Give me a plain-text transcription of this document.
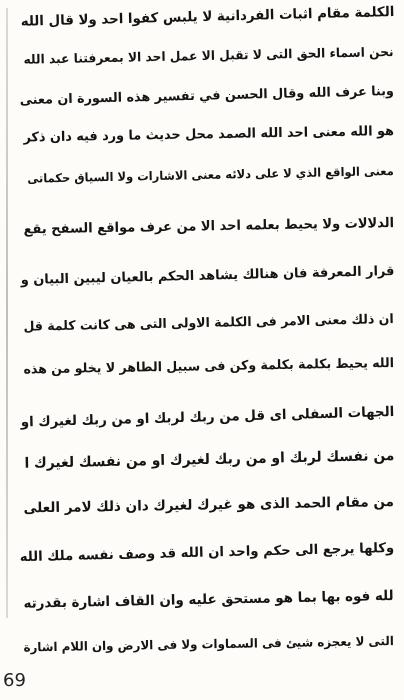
الكلمة مقام اثبات الفردانية لا يلبس كفوا احد ولا قال الله
نحن اسماء الحق التى لا تقبل الا عمل احد الا بمعرفتنا عبد الله
وبنا عرف الله وقال الحسن في تفسير هذه السورة ان معنى
هو الله معنى احد الله الصمد محل حديث ما ورد فيه دان ذكر
معنى الواقع الذي لا على دلائه معنى الاشارات ولا السياق حكماتى
الدلالات ولا يحيط بعلمه احد الا من عرف مواقع السفح يقع
قرار المعرفة فان هنالك يشاهد الحكم بالعيان ليبين البيان و
ان ذلك معنى الامر فى الكلمة الاولى التى هى كانت كلمة قل
الله يحيط بكلمة بكلمة وكن فى سبيل الطاهر لا يخلو من هذه
الجهات السفلى اى قل من ربك لربك او من ربك لغيرك او
من نفسك لربك او من ربك لغيرك او من نفسك لغيرك ا
من مقام الحمد الذى هو غيرك لغيرك دان ذلك لامر العلى
وكلها يرجع الى حكم واحد ان الله قد وصف نفسه ملك الله
لله فوه بها بما هو مستحق عليه وان القاف اشارة بقدرته
التى لا يعجزه شيئ فى السماوات ولا فى الارض وان اللام اشارة
69
